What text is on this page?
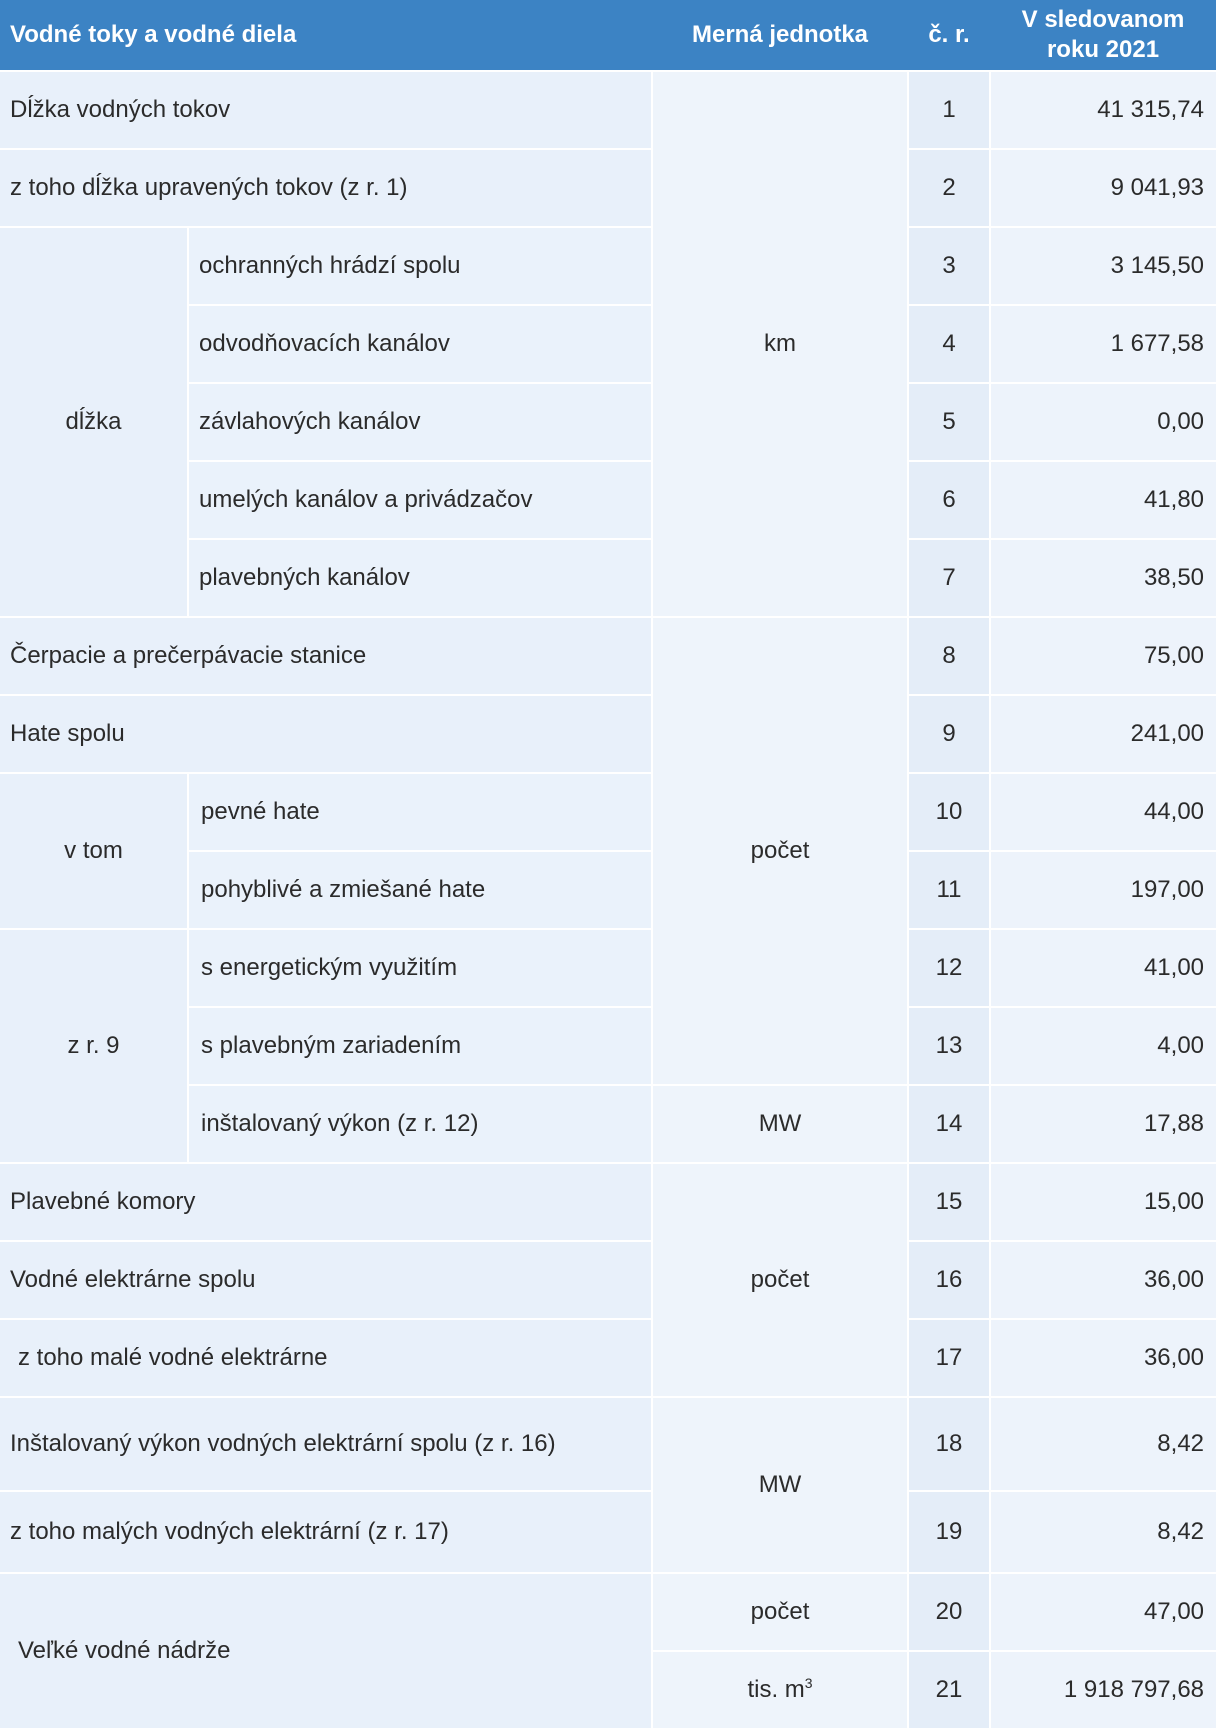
Vodné toky a vodné diela		Merná jednotka	č. r.	V sledovanom
roku 2021
Dĺžka vodných tokov		km	1	41 315,74
z toho dĺžka upravených tokov (z r. 1)			2	9 041,93
dĺžka	ochranných hrádzí spolu		3	3 145,50
	odvodňovacích kanálov		4	1 677,58
	závlahových kanálov		5	0,00
	umelých kanálov a privádzačov		6	41,80
	plavebných kanálov		7	38,50
Čerpacie a prečerpávacie stanice		počet	8	75,00
Hate spolu			9	241,00
v tom	pevné hate		10	44,00
	pohyblivé a zmiešané hate		11	197,00
z r. 9	s energetickým využitím		12	41,00
	s plavebným zariadením		13	4,00
	inštalovaný výkon (z r. 12)	MW	14	17,88
Plavebné komory		počet	15	15,00
Vodné elektrárne spolu			16	36,00
z toho malé vodné elektrárne			17	36,00
Inštalovaný výkon vodných elektrární spolu (z r. 16)		MW	18	8,42
z toho malých vodných elektrární (z r. 17)			19	8,42
Veľké vodné nádrže		počet	20	47,00
		tis. $m^3$	21	1 918 797,68
